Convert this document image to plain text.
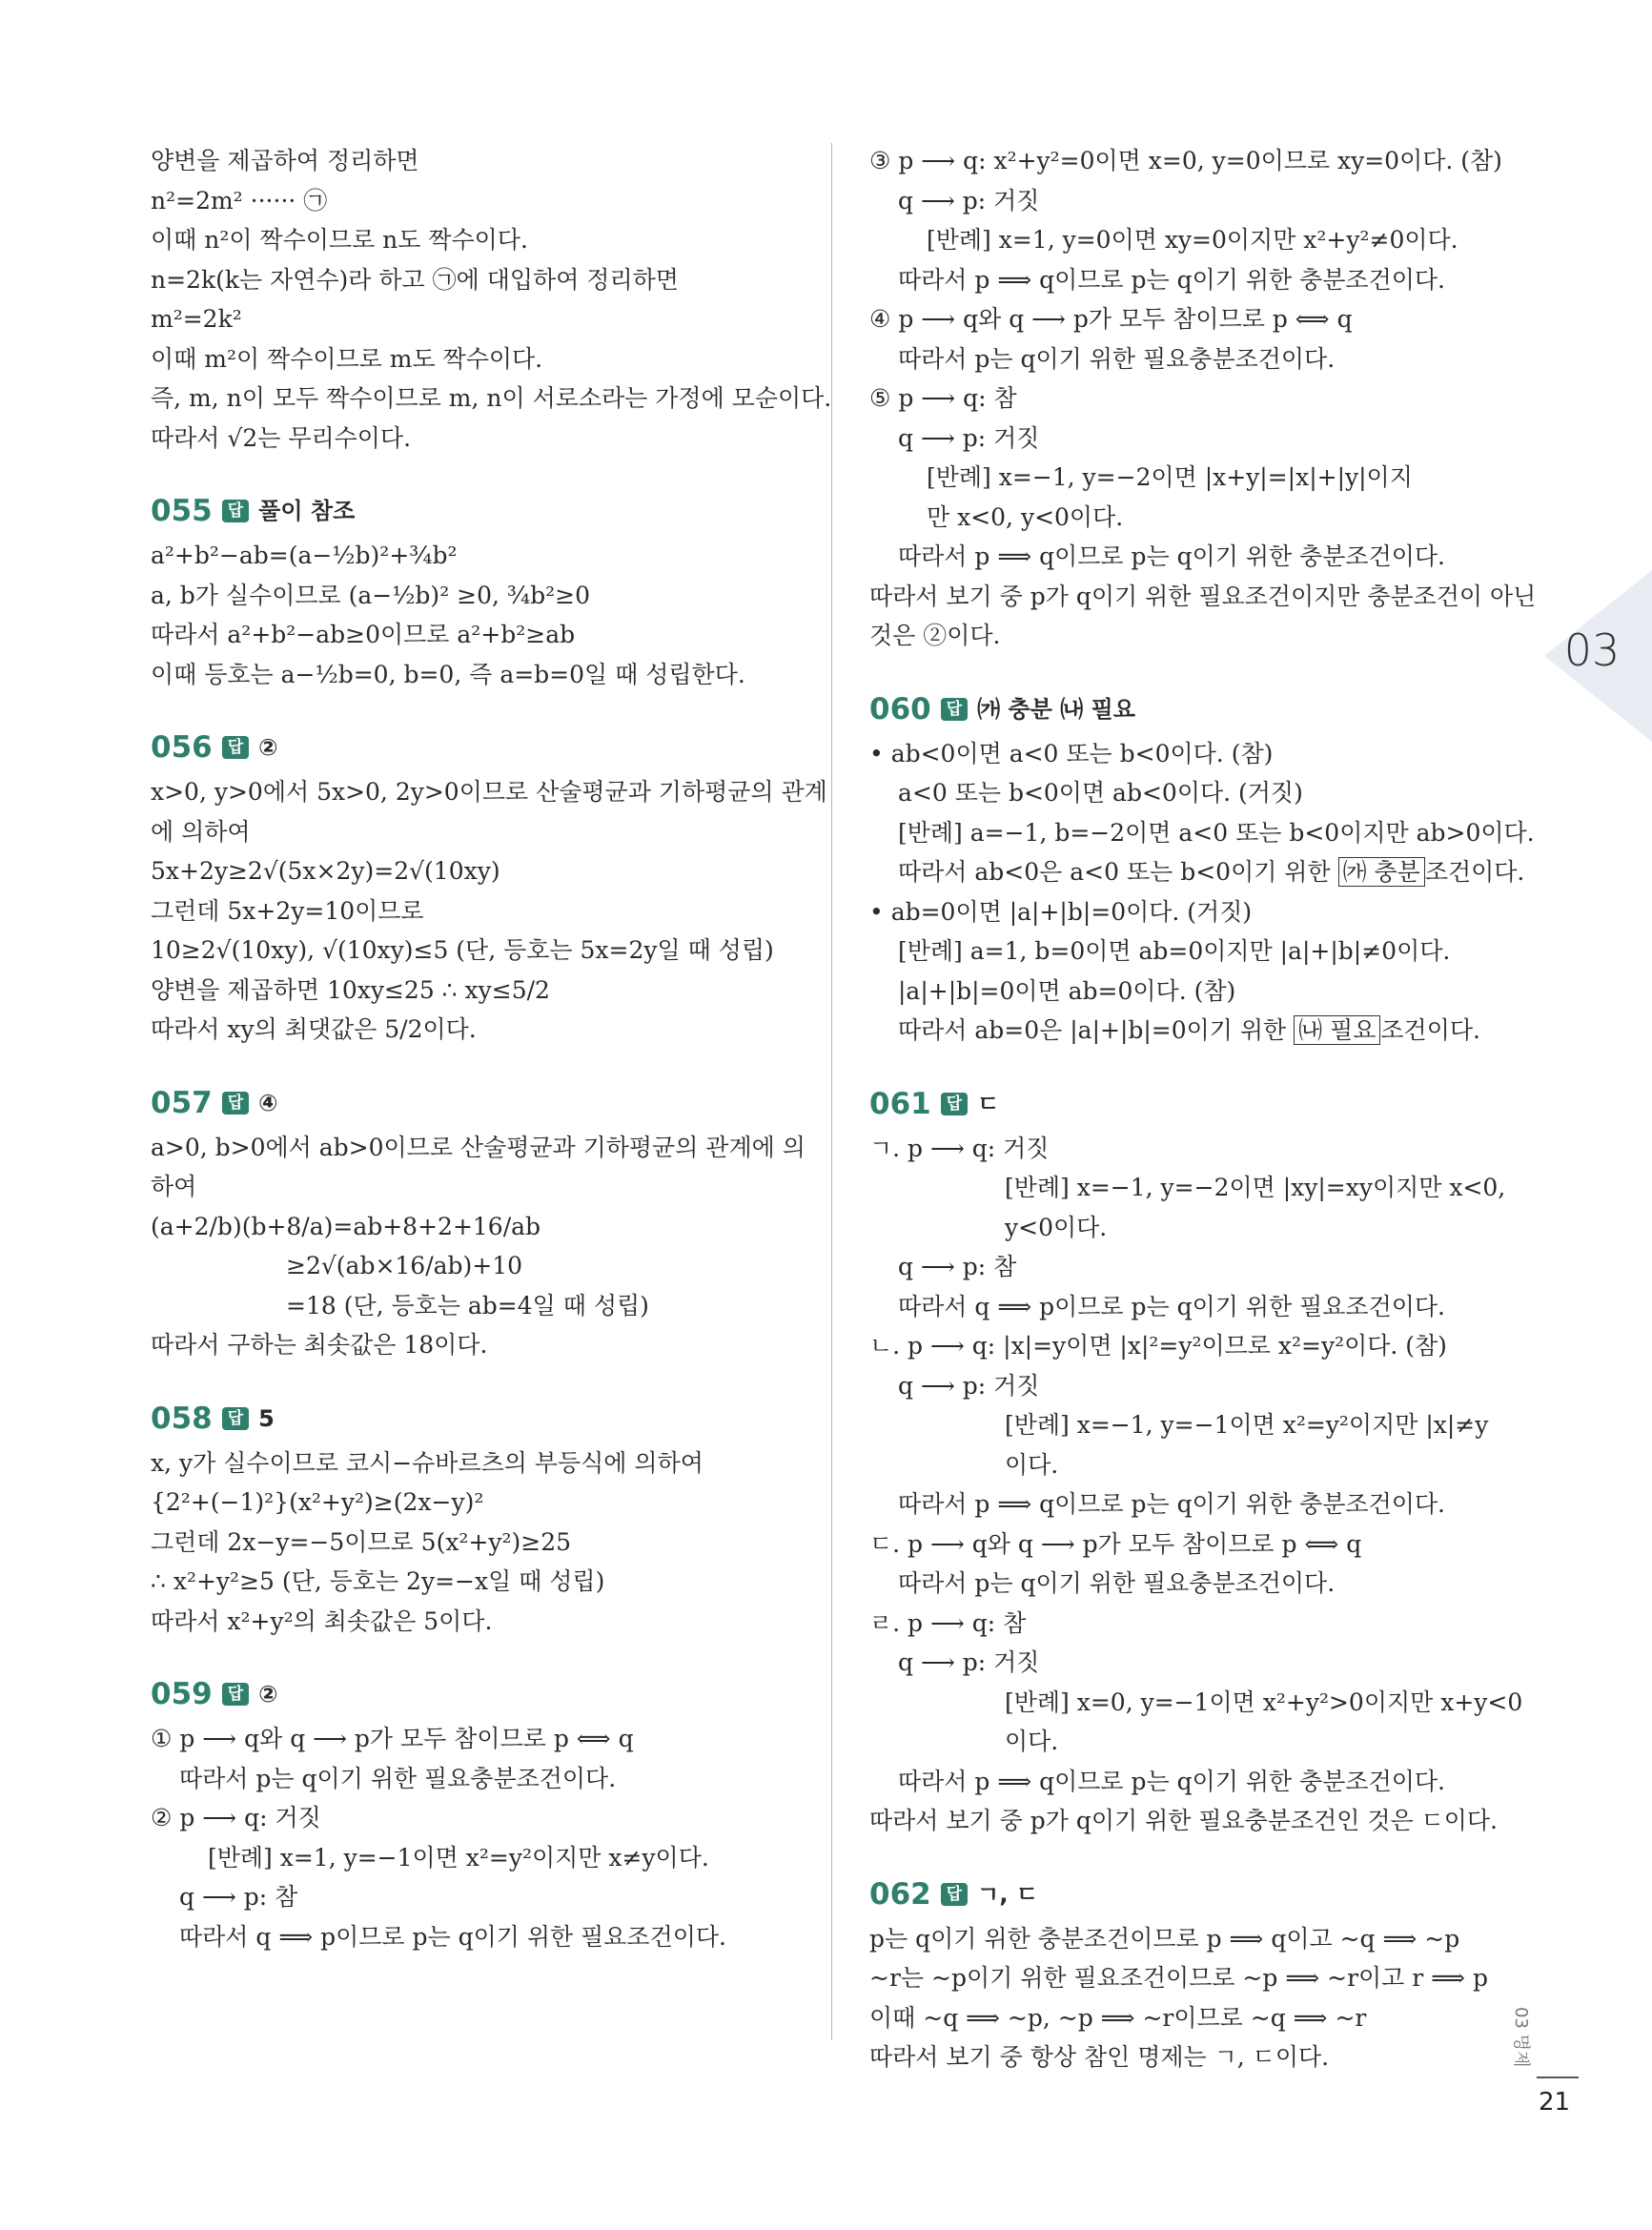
양변을 제곱하여 정리하면
n²=2m² ······ ㉠
이때 n²이 짝수이므로 n도 짝수이다.
n=2k(k는 자연수)라 하고 ㉠에 대입하여 정리하면
m²=2k²
이때 m²이 짝수이므로 m도 짝수이다.
즉, m, n이 모두 짝수이므로 m, n이 서로소라는 가정에 모순이다.
따라서 √2는 무리수이다.
055 답 풀이 참조
a²+b²−ab=(a−½b)²+¾b²
a, b가 실수이므로 (a−½b)² ≥0, ¾b²≥0
따라서 a²+b²−ab≥0이므로 a²+b²≥ab
이때 등호는 a−½b=0, b=0, 즉 a=b=0일 때 성립한다.
056 답 ②
x>0, y>0에서 5x>0, 2y>0이므로 산술평균과 기하평균의 관계
에 의하여
5x+2y≥2√(5x×2y)=2√(10xy)
그런데 5x+2y=10이므로
10≥2√(10xy), √(10xy)≤5 (단, 등호는 5x=2y일 때 성립)
양변을 제곱하면 10xy≤25 ∴ xy≤5/2
따라서 xy의 최댓값은 5/2이다.
057 답 ④
a>0, b>0에서 ab>0이므로 산술평균과 기하평균의 관계에 의
하여
(a+2/b)(b+8/a)=ab+8+2+16/ab
≥2√(ab×16/ab)+10
=18 (단, 등호는 ab=4일 때 성립)
따라서 구하는 최솟값은 18이다.
058 답 5
x, y가 실수이므로 코시−슈바르츠의 부등식에 의하여
{2²+(−1)²}(x²+y²)≥(2x−y)²
그런데 2x−y=−5이므로 5(x²+y²)≥25
∴ x²+y²≥5 (단, 등호는 2y=−x일 때 성립)
따라서 x²+y²의 최솟값은 5이다.
059 답 ②
① p ⟶ q와 q ⟶ p가 모두 참이므로 p ⟺ q
따라서 p는 q이기 위한 필요충분조건이다.
② p ⟶ q: 거짓
[반례] x=1, y=−1이면 x²=y²이지만 x≠y이다.
q ⟶ p: 참
따라서 q ⟹ p이므로 p는 q이기 위한 필요조건이다.
③ p ⟶ q: x²+y²=0이면 x=0, y=0이므로 xy=0이다. (참)
q ⟶ p: 거짓
[반례] x=1, y=0이면 xy=0이지만 x²+y²≠0이다.
따라서 p ⟹ q이므로 p는 q이기 위한 충분조건이다.
④ p ⟶ q와 q ⟶ p가 모두 참이므로 p ⟺ q
따라서 p는 q이기 위한 필요충분조건이다.
⑤ p ⟶ q: 참
q ⟶ p: 거짓
[반례] x=−1, y=−2이면 |x+y|=|x|+|y|이지
만 x<0, y<0이다.
따라서 p ⟹ q이므로 p는 q이기 위한 충분조건이다.
따라서 보기 중 p가 q이기 위한 필요조건이지만 충분조건이 아닌
것은 ②이다.
060 답 ㈎ 충분 ㈏ 필요
• ab<0이면 a<0 또는 b<0이다. (참)
a<0 또는 b<0이면 ab<0이다. (거짓)
[반례] a=−1, b=−2이면 a<0 또는 b<0이지만 ab>0이다.
따라서 ab<0은 a<0 또는 b<0이기 위한 ㈎ 충분 조건이다.
• ab=0이면 |a|+|b|=0이다. (거짓)
[반례] a=1, b=0이면 ab=0이지만 |a|+|b|≠0이다.
|a|+|b|=0이면 ab=0이다. (참)
따라서 ab=0은 |a|+|b|=0이기 위한 ㈏ 필요 조건이다.
061 답 ㄷ
ㄱ. p ⟶ q: 거짓
[반례] x=−1, y=−2이면 |xy|=xy이지만 x<0,
y<0이다.
q ⟶ p: 참
따라서 q ⟹ p이므로 p는 q이기 위한 필요조건이다.
ㄴ. p ⟶ q: |x|=y이면 |x|²=y²이므로 x²=y²이다. (참)
q ⟶ p: 거짓
[반례] x=−1, y=−1이면 x²=y²이지만 |x|≠y
이다.
따라서 p ⟹ q이므로 p는 q이기 위한 충분조건이다.
ㄷ. p ⟶ q와 q ⟶ p가 모두 참이므로 p ⟺ q
따라서 p는 q이기 위한 필요충분조건이다.
ㄹ. p ⟶ q: 참
q ⟶ p: 거짓
[반례] x=0, y=−1이면 x²+y²>0이지만 x+y<0
이다.
따라서 p ⟹ q이므로 p는 q이기 위한 충분조건이다.
따라서 보기 중 p가 q이기 위한 필요충분조건인 것은 ㄷ이다.
062 답 ㄱ, ㄷ
p는 q이기 위한 충분조건이므로 p ⟹ q이고 ~q ⟹ ~p
~r는 ~p이기 위한 필요조건이므로 ~p ⟹ ~r이고 r ⟹ p
이때 ~q ⟹ ~p, ~p ⟹ ~r이므로 ~q ⟹ ~r
따라서 보기 중 항상 참인 명제는 ㄱ, ㄷ이다.
03
03 명제
21
